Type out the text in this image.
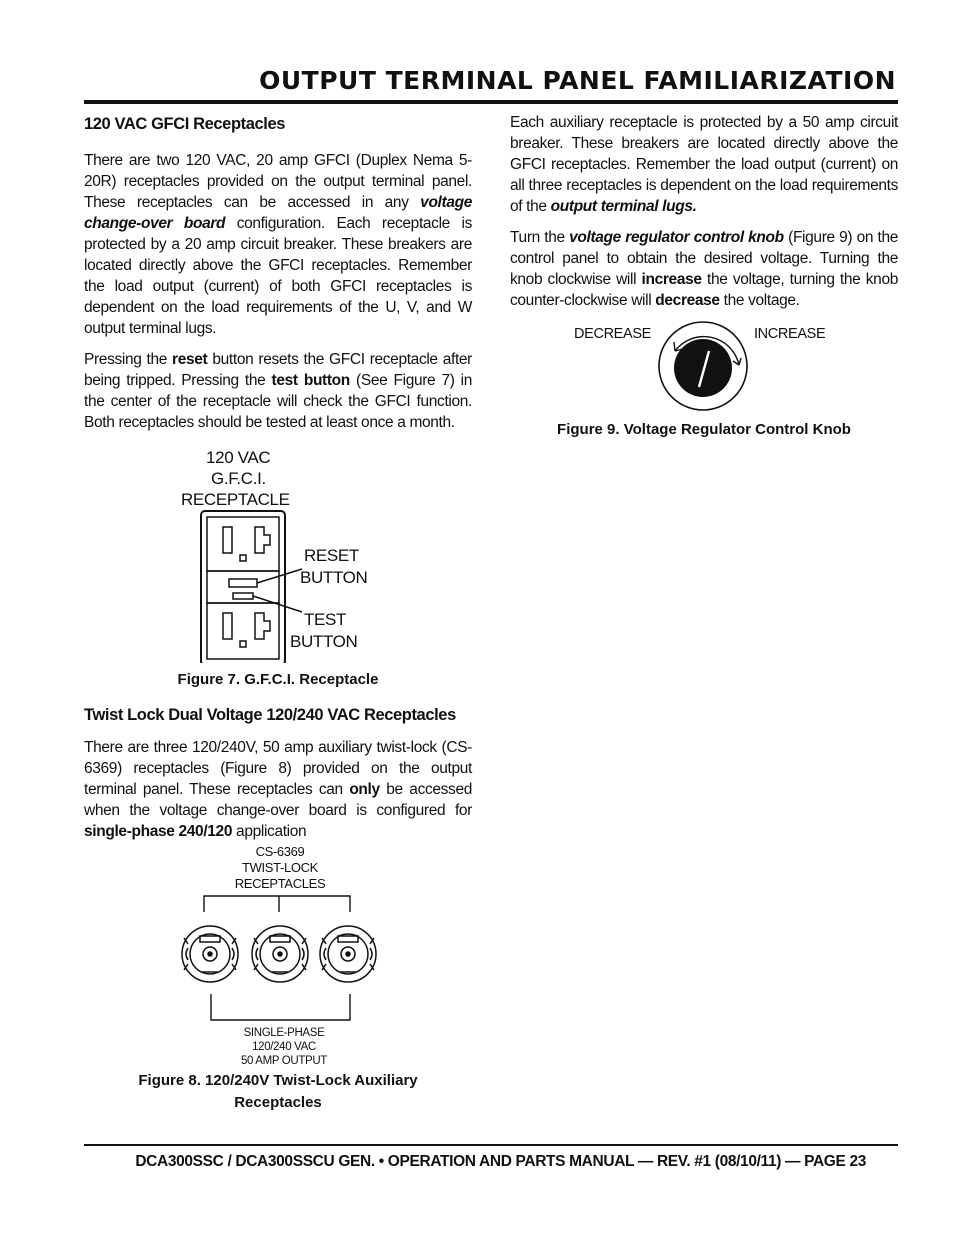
OUTPUT TERMINAL PANEL FAMILIARIZATION
120 VAC GFCI Receptacles

There are two 120 VAC, 20 amp GFCI (Duplex Nema 5-20R) receptacles provided on the output terminal panel. These receptacles can be accessed in any voltage change-over board configuration. Each receptacle is protected by a 20 amp circuit breaker. These breakers are located directly above the GFCI receptacles. Remember the load output (current) of both GFCI receptacles is dependent on the load requirements of the U, V, and W output terminal lugs.

Pressing the reset button resets the GFCI receptacle after being tripped. Pressing the test button (See Figure 7) in the center of the receptacle will check the GFCI function. Both receptacles should be tested at least once a month.

120 VAC
G.F.C.I.
RECEPTACLE
RESET
BUTTON
TEST
BUTTON
Figure 7. G.F.C.I. Receptacle
Twist Lock Dual Voltage 120/240 VAC Receptacles

There are three 120/240V, 50 amp auxiliary twist-lock (CS-6369) receptacles (Figure 8) provided on the output terminal panel. These receptacles can only be accessed when the voltage change-over board is configured for single-phase 240/120 application

CS-6369
TWIST-LOCK
RECEPTACLES
SINGLE-PHASE
120/240 VAC
50 AMP OUTPUT
Figure 8. 120/240V Twist-Lock Auxiliary
Receptacles

Each auxiliary receptacle is protected by a 50 amp circuit breaker. These breakers are located directly above the GFCI receptacles. Remember the load output (current) on all three receptacles is dependent on the load requirements of the output terminal lugs.

Turn the voltage regulator control knob (Figure 9) on the control panel to obtain the desired voltage. Turning the knob clockwise will increase the voltage, turning the knob counter-clockwise will decrease the voltage.

DECREASE	INCREASE
Figure 9. Voltage Regulator Control Knob
DCA300SSC / DCA300SSCU GEN. • OPERATION AND PARTS MANUAL — REV. #1 (08/10/11) — PAGE 23
